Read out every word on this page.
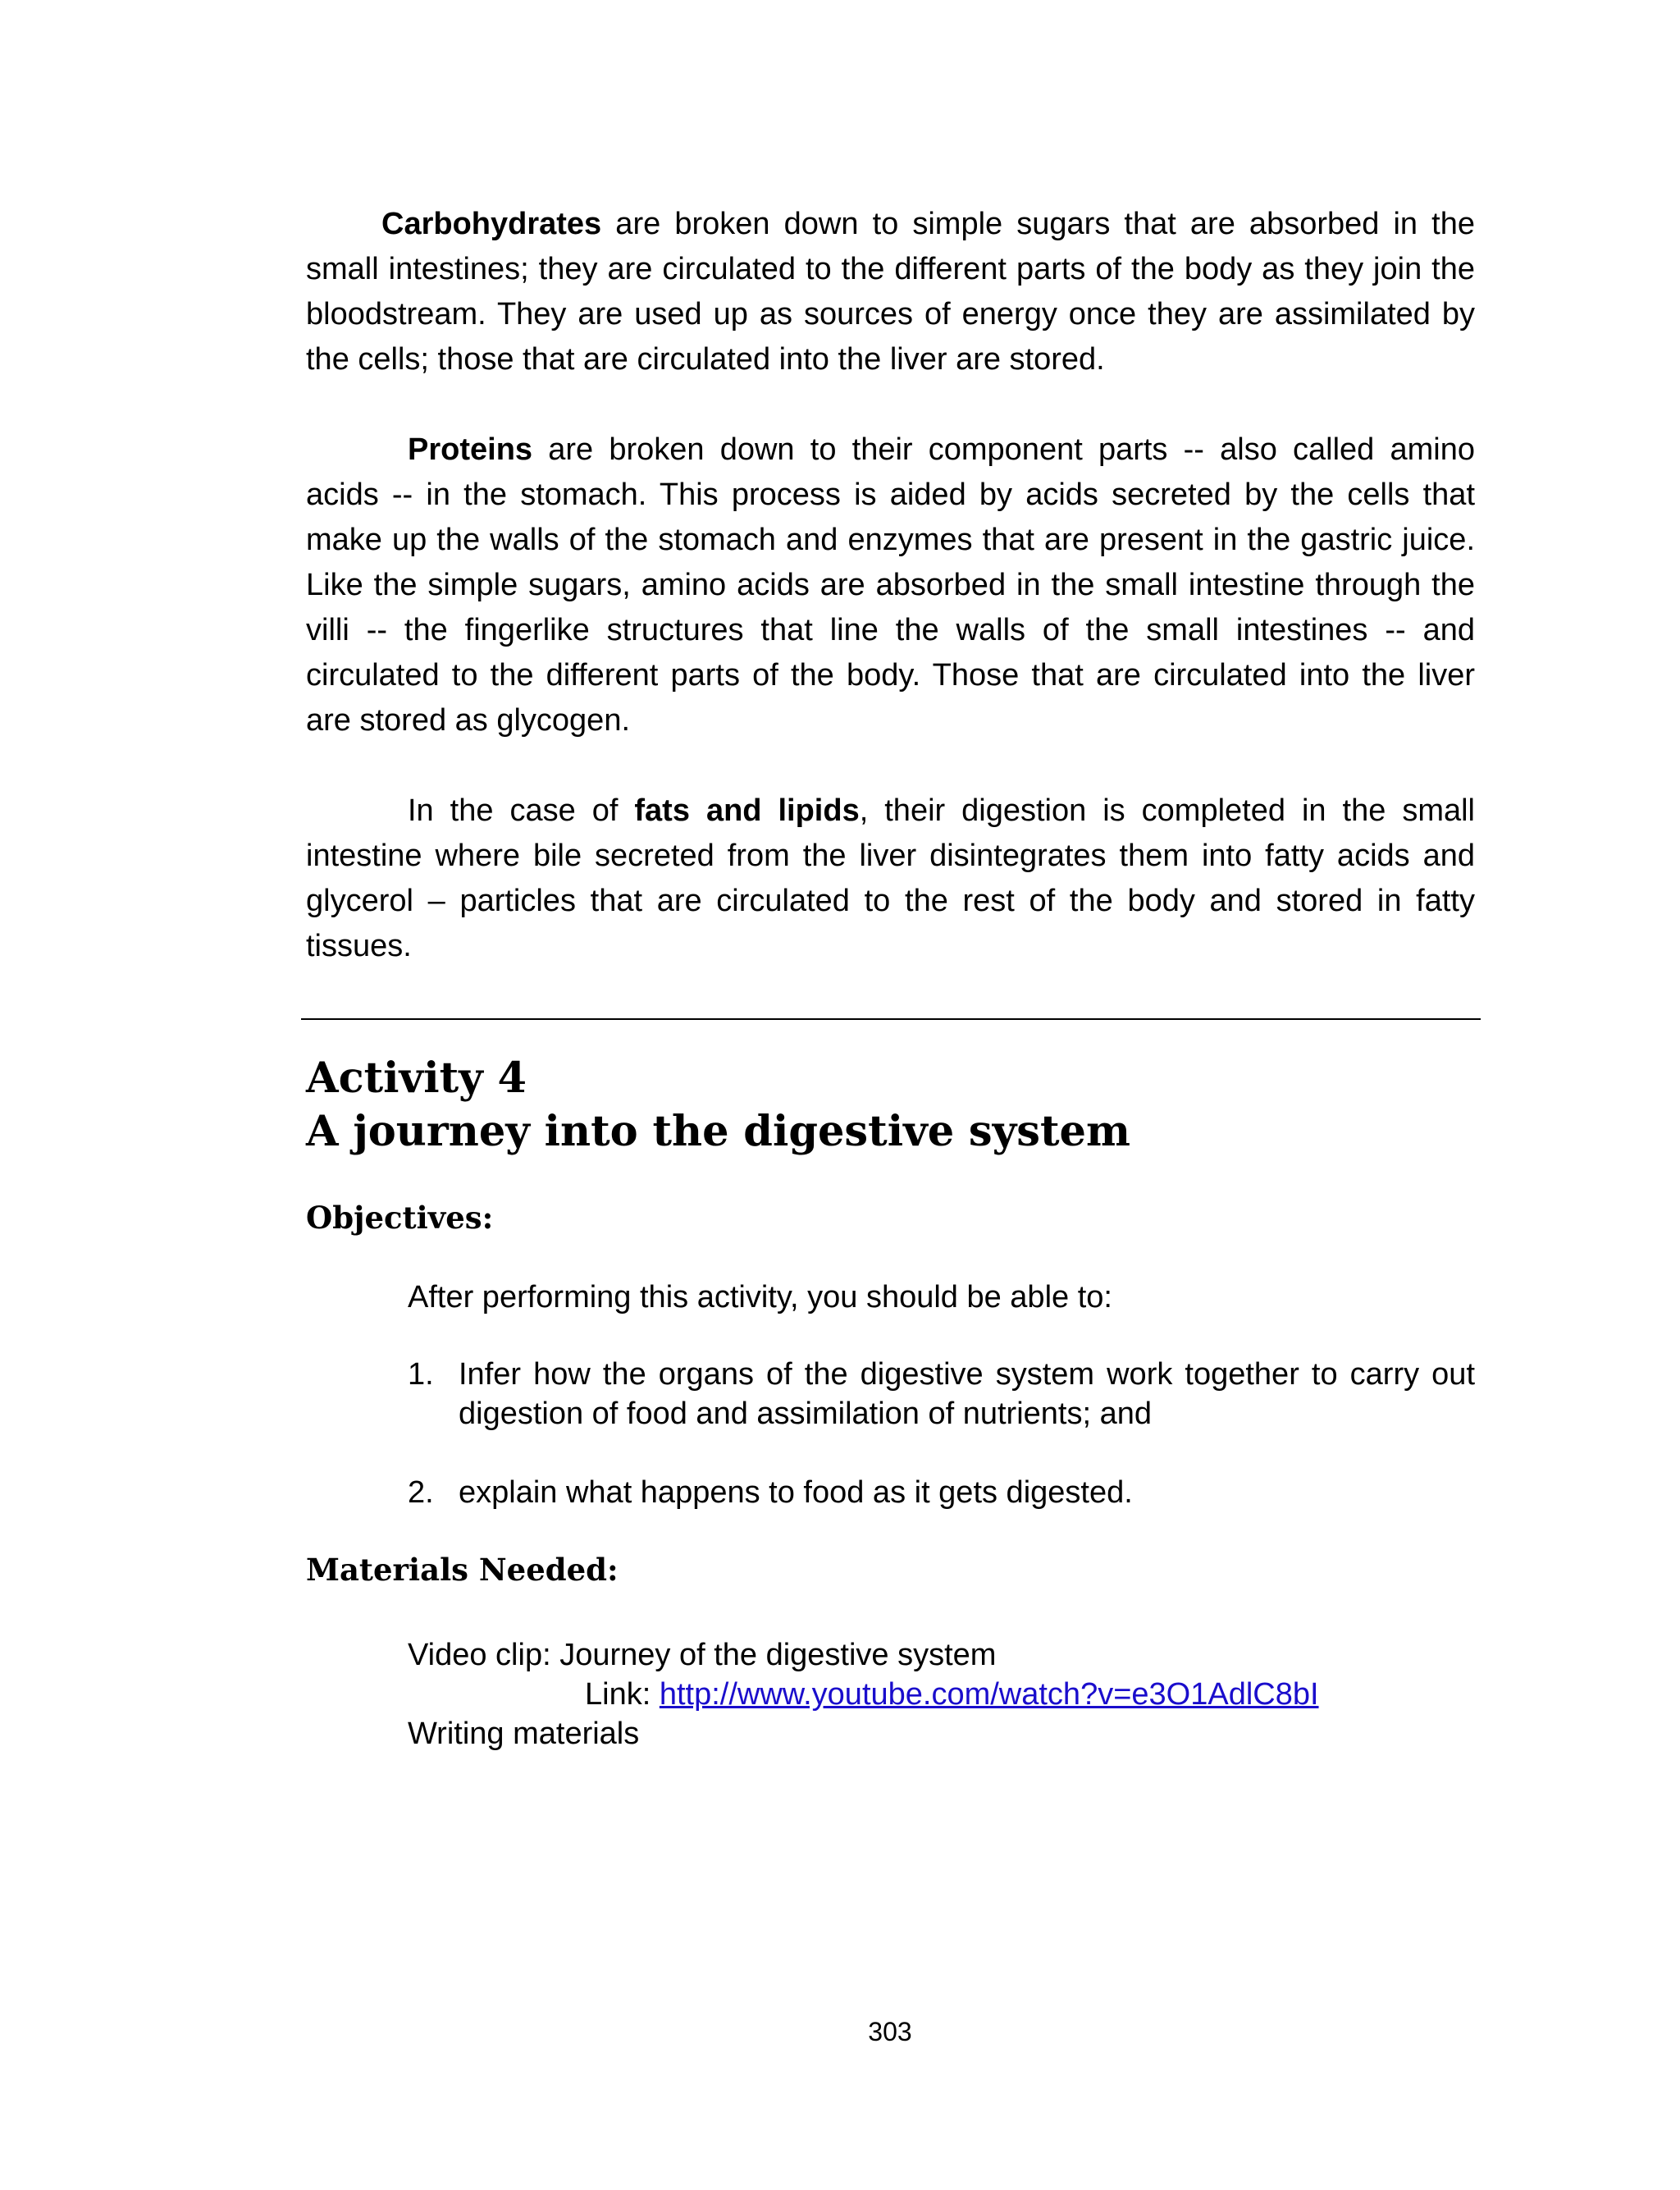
Carbohydrates are broken down to simple sugars that are absorbed in the small intestines; they are circulated to the different parts of the body as they join the bloodstream. They are used up as sources of energy once they are assimilated by the cells; those that are circulated into the liver are stored.

Proteins are broken down to their component parts -- also called amino acids -- in the stomach. This process is aided by acids secreted by the cells that make up the walls of the stomach and enzymes that are present in the gastric juice. Like the simple sugars, amino acids are absorbed in the small intestine through the villi -- the fingerlike structures that line the walls of the small intestines -- and circulated to the different parts of the body. Those that are circulated into the liver are stored as glycogen.

In the case of fats and lipids, their digestion is completed in the small intestine where bile secreted from the liver disintegrates them into fatty acids and glycerol – particles that are circulated to the rest of the body and stored in fatty tissues.

Activity 4
A journey into the digestive system
Objectives:

After performing this activity, you should be able to:

1. Infer how the organs of the digestive system work together to carry out digestion of food and assimilation of nutrients; and
2. explain what happens to food as it gets digested.
Materials Needed:

Video clip: Journey of the digestive system

Link: http://www.youtube.com/watch?v=e3O1AdlC8bI

Writing materials

303
